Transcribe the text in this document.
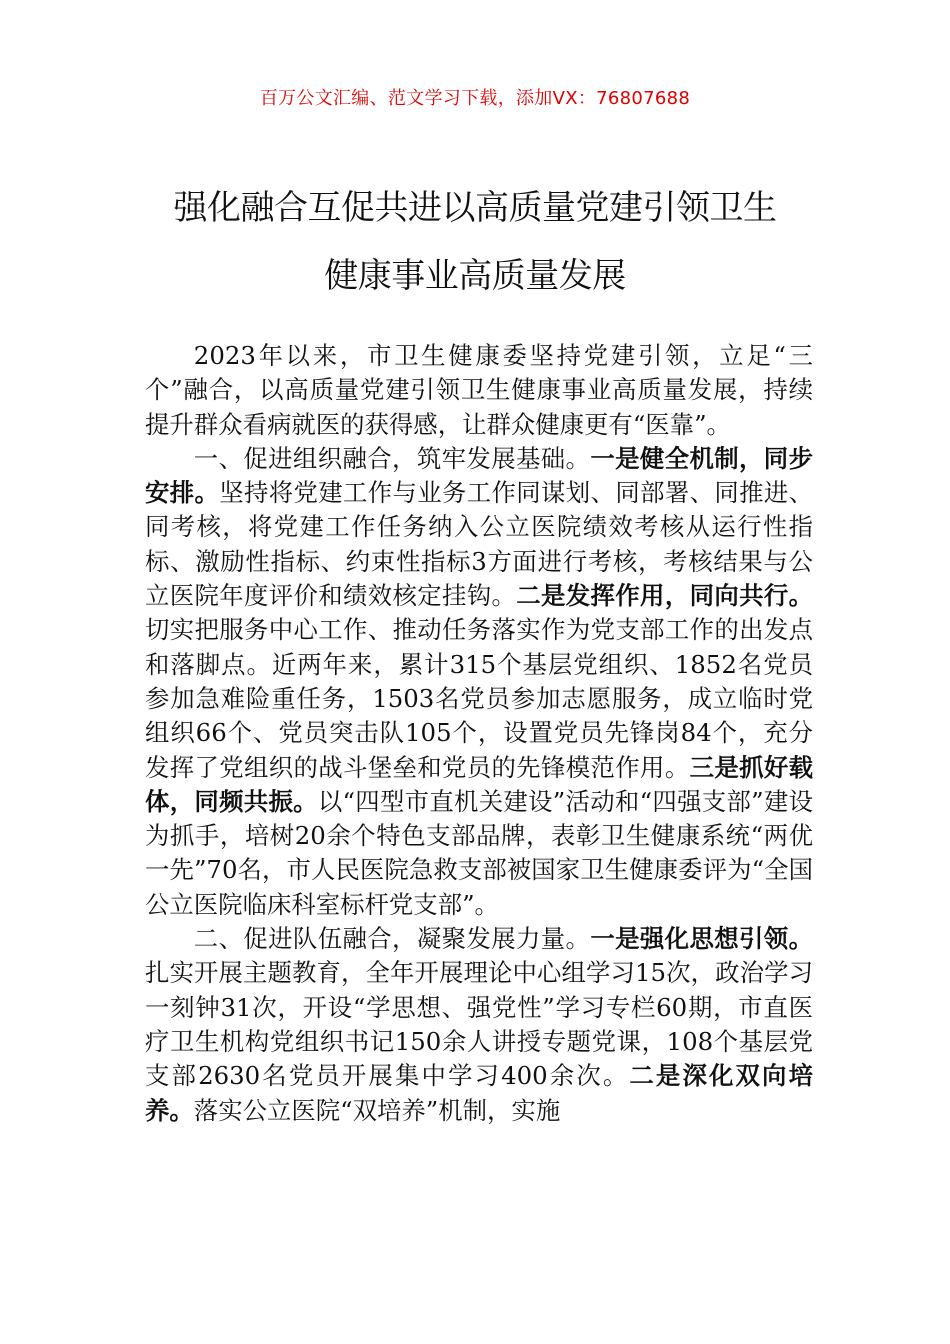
百万公文汇编、范文学习下载，添加VX：76807688
强化融合互促共进以高质量党建引领卫生
健康事业高质量发展

2023年以来，市卫生健康委坚持党建引领，立足“三个”融合，以高质量党建引领卫生健康事业高质量发展，持续提升群众看病就医的获得感，让群众健康更有“医靠”。

一、促进组织融合，筑牢发展基础。一是健全机制，同步安排。坚持将党建工作与业务工作同谋划、同部署、同推进、同考核，将党建工作任务纳入公立医院绩效考核从运行性指标、激励性指标、约束性指标3方面进行考核，考核结果与公立医院年度评价和绩效核定挂钩。二是发挥作用，同向共行。切实把服务中心工作、推动任务落实作为党支部工作的出发点和落脚点。近两年来，累计315个基层党组织、1852名党员参加急难险重任务，1503名党员参加志愿服务，成立临时党组织66个、党员突击队105个，设置党员先锋岗84个，充分发挥了党组织的战斗堡垒和党员的先锋模范作用。三是抓好载体，同频共振。以“四型市直机关建设”活动和“四强支部”建设为抓手，培树20余个特色支部品牌，表彰卫生健康系统“两优一先”70名，市人民医院急救支部被国家卫生健康委评为“全国公立医院临床科室标杆党支部”。

二、促进队伍融合，凝聚发展力量。一是强化思想引领。扎实开展主题教育，全年开展理论中心组学习15次，政治学习一刻钟31次，开设“学思想、强党性”学习专栏60期，市直医疗卫生机构党组织书记150余人讲授专题党课，108个基层党支部2630名党员开展集中学习400余次。二是深化双向培养。落实公立医院“双培养”机制，实施
